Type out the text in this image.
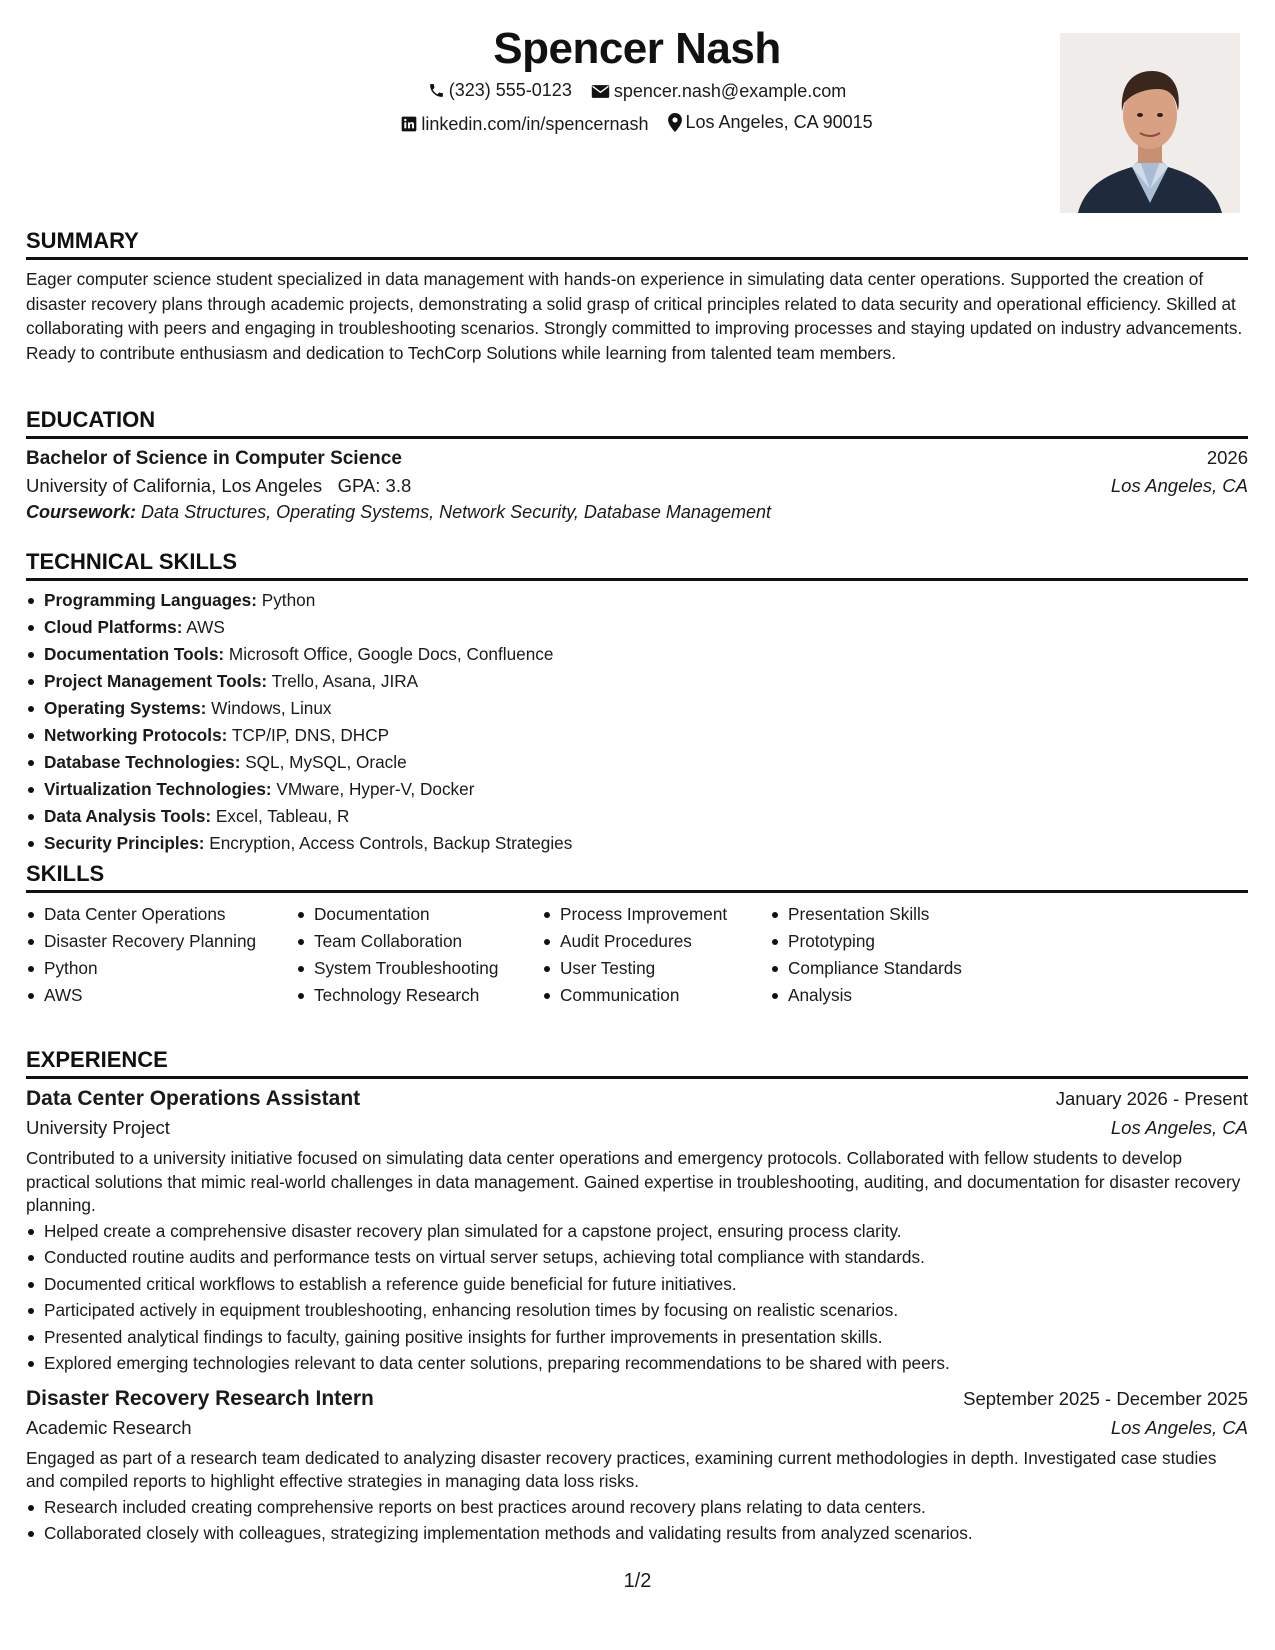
Spencer Nash
(323) 555-0123
spencer.nash@example.com
linkedin.com/in/spencernash
Los Angeles, CA 90015
SUMMARY
Eager computer science student specialized in data management with hands-on experience in simulating data center operations. Supported the creation of disaster recovery plans through academic projects, demonstrating a solid grasp of critical principles related to data security and operational efficiency. Skilled at collaborating with peers and engaging in troubleshooting scenarios. Strongly committed to improving processes and staying updated on industry advancements. Ready to contribute enthusiasm and dedication to TechCorp Solutions while learning from talented team members.
EDUCATION
Bachelor of Science in Computer Science	2026
University of California, Los Angeles GPA: 3.8	Los Angeles, CA
Coursework: Data Structures, Operating Systems, Network Security, Database Management
TECHNICAL SKILLS
Programming Languages: Python
Cloud Platforms: AWS
Documentation Tools: Microsoft Office, Google Docs, Confluence
Project Management Tools: Trello, Asana, JIRA
Operating Systems: Windows, Linux
Networking Protocols: TCP/IP, DNS, DHCP
Database Technologies: SQL, MySQL, Oracle
Virtualization Technologies: VMware, Hyper-V, Docker
Data Analysis Tools: Excel, Tableau, R
Security Principles: Encryption, Access Controls, Backup Strategies
SKILLS
Data Center Operations
Disaster Recovery Planning
Python
AWS
Documentation
Team Collaboration
System Troubleshooting
Technology Research
Process Improvement
Audit Procedures
User Testing
Communication
Presentation Skills
Prototyping
Compliance Standards
Analysis
EXPERIENCE
Data Center Operations Assistant	January 2026 - Present
University Project	Los Angeles, CA
Contributed to a university initiative focused on simulating data center operations and emergency protocols. Collaborated with fellow students to develop practical solutions that mimic real-world challenges in data management. Gained expertise in troubleshooting, auditing, and documentation for disaster recovery planning.
Helped create a comprehensive disaster recovery plan simulated for a capstone project, ensuring process clarity.
Conducted routine audits and performance tests on virtual server setups, achieving total compliance with standards.
Documented critical workflows to establish a reference guide beneficial for future initiatives.
Participated actively in equipment troubleshooting, enhancing resolution times by focusing on realistic scenarios.
Presented analytical findings to faculty, gaining positive insights for further improvements in presentation skills.
Explored emerging technologies relevant to data center solutions, preparing recommendations to be shared with peers.
Disaster Recovery Research Intern	September 2025 - December 2025
Academic Research	Los Angeles, CA
Engaged as part of a research team dedicated to analyzing disaster recovery practices, examining current methodologies in depth. Investigated case studies and compiled reports to highlight effective strategies in managing data loss risks.
Research included creating comprehensive reports on best practices around recovery plans relating to data centers.
Collaborated closely with colleagues, strategizing implementation methods and validating results from analyzed scenarios.
1/2
